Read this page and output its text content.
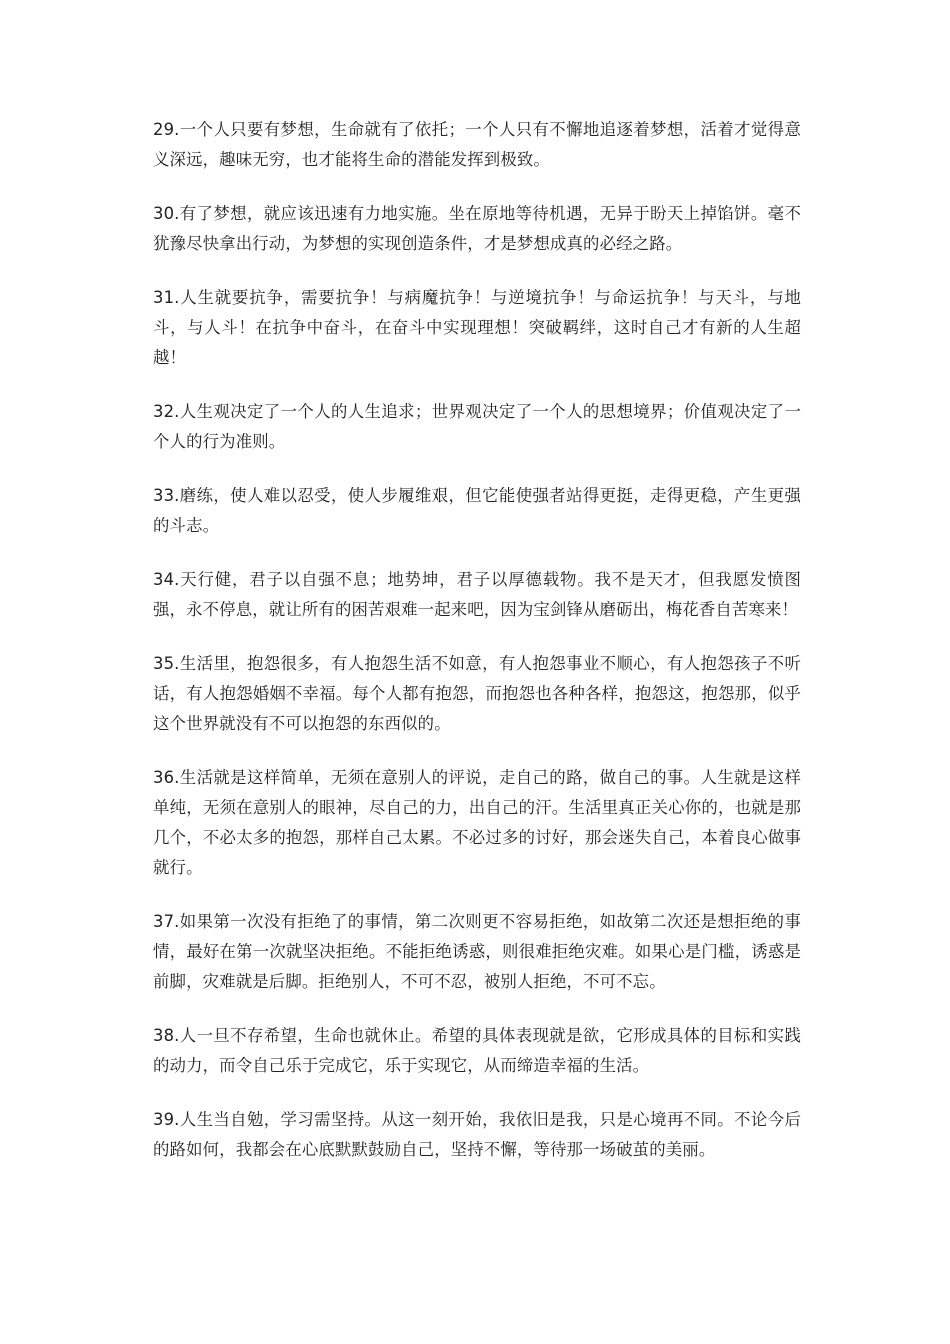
29.一个人只要有梦想，生命就有了依托；一个人只有不懈地追逐着梦想，活着才觉得意义深远，趣味无穷，也才能将生命的潜能发挥到极致。

30.有了梦想，就应该迅速有力地实施。坐在原地等待机遇，无异于盼天上掉馅饼。毫不犹豫尽快拿出行动，为梦想的实现创造条件，才是梦想成真的必经之路。

31.人生就要抗争，需要抗争！与病魔抗争！与逆境抗争！与命运抗争！与天斗，与地斗，与人斗！在抗争中奋斗，在奋斗中实现理想！突破羁绊，这时自己才有新的人生超越！

32.人生观决定了一个人的人生追求；世界观决定了一个人的思想境界；价值观决定了一个人的行为准则。

33.磨练，使人难以忍受，使人步履维艰，但它能使强者站得更挺，走得更稳，产生更强的斗志。

34.天行健，君子以自强不息；地势坤，君子以厚德载物。我不是天才，但我愿发愤图强，永不停息，就让所有的困苦艰难一起来吧，因为宝剑锋从磨砺出，梅花香自苦寒来！

35.生活里，抱怨很多，有人抱怨生活不如意，有人抱怨事业不顺心，有人抱怨孩子不听话，有人抱怨婚姻不幸福。每个人都有抱怨，而抱怨也各种各样，抱怨这，抱怨那，似乎这个世界就没有不可以抱怨的东西似的。

36.生活就是这样简单，无须在意别人的评说，走自己的路，做自己的事。人生就是这样单纯，无须在意别人的眼神，尽自己的力，出自己的汗。生活里真正关心你的，也就是那几个，不必太多的抱怨，那样自己太累。不必过多的讨好，那会迷失自己，本着良心做事就行。

37.如果第一次没有拒绝了的事情，第二次则更不容易拒绝，如故第二次还是想拒绝的事情，最好在第一次就坚决拒绝。不能拒绝诱惑，则很难拒绝灾难。如果心是门槛，诱惑是前脚，灾难就是后脚。拒绝别人，不可不忍，被别人拒绝，不可不忘。

38.人一旦不存希望，生命也就休止。希望的具体表现就是欲，它形成具体的目标和实践的动力，而令自己乐于完成它，乐于实现它，从而缔造幸福的生活。

39.人生当自勉，学习需坚持。从这一刻开始，我依旧是我，只是心境再不同。不论今后的路如何，我都会在心底默默鼓励自己，坚持不懈，等待那一场破茧的美丽。
